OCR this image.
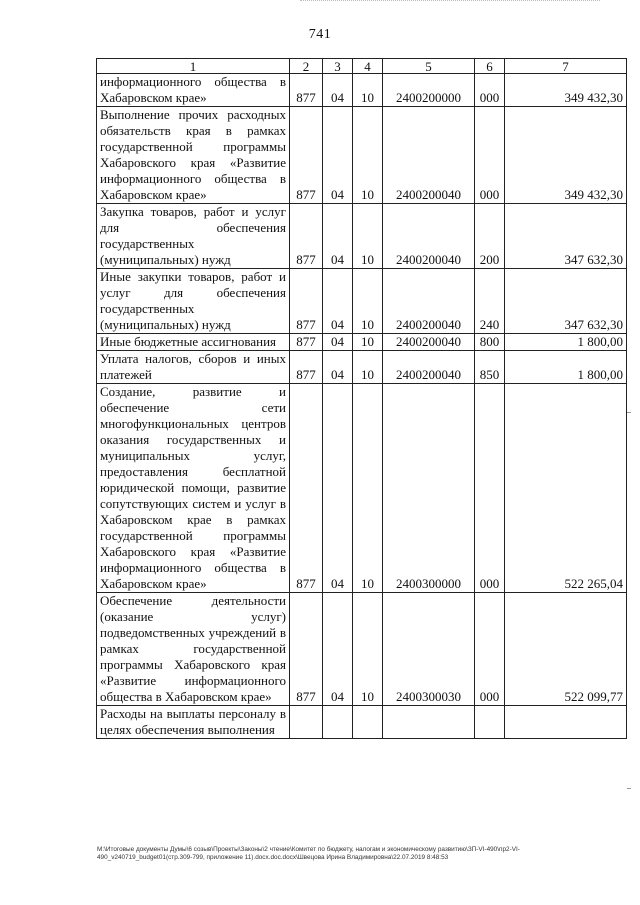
741
1	2	3	4	5	6	7
информационного общества в Хабаровском крае»	877	04	10	2400200000	000	349 432,30
Выполнение прочих расходных обязательств края в рамках государственной программы Хабаровского края «Развитие информационного общества в Хабаровском крае»	877	04	10	2400200040	000	349 432,30
Закупка товаров, работ и услуг для обеспечения государственных (муниципальных) нужд	877	04	10	2400200040	200	347 632,30
Иные закупки товаров, работ и услуг для обеспечения государственных (муниципальных) нужд	877	04	10	2400200040	240	347 632,30
Иные бюджетные ассигнования	877	04	10	2400200040	800	1 800,00
Уплата налогов, сборов и иных платежей	877	04	10	2400200040	850	1 800,00
Создание, развитие и обеспечение сети многофункциональных центров оказания государственных и муниципальных услуг, предоставления бесплатной юридической помощи, развитие сопутствующих систем и услуг в Хабаровском крае в рамках государственной программы Хабаровского края «Развитие информационного общества в Хабаровском крае»	877	04	10	2400300000	000	522 265,04
Обеспечение деятельности (оказание услуг) подведомственных учреждений в рамках государственной программы Хабаровского края «Развитие информационного общества в Хабаровском крае»	877	04	10	2400300030	000	522 099,77
Расходы на выплаты персоналу в целях обеспечения выполнения						
M:\Итоговые документы Думы\6 созыв\Проекты\Законы\2 чтение\Комитет по бюджету, налогам и экономическому развитию\ЗП-VI-490\пр2-VI-
490_v240719_budget01(стр.309-799, приложение 11).docx.doc.docx\Швецова Ирина Владимировна\22.07.2019 8:48:53
